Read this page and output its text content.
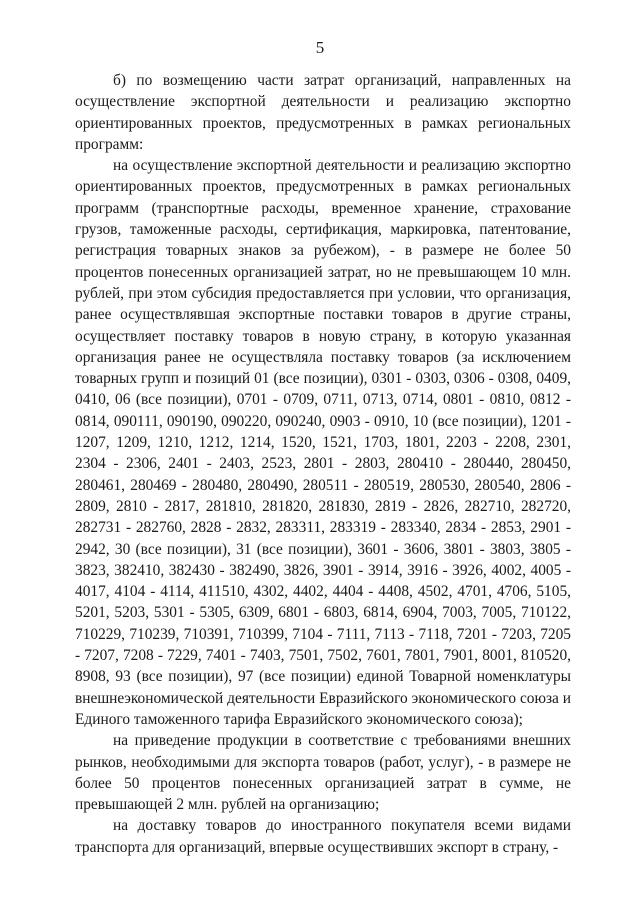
5

б) по возмещению части затрат организаций, направленных на осуществление экспортной деятельности и реализацию экспортно ориентированных проектов, предусмотренных в рамках региональных программ:

на осуществление экспортной деятельности и реализацию экспортно ориентированных проектов, предусмотренных в рамках региональных программ (транспортные расходы, временное хранение, страхование грузов, таможенные расходы, сертификация, маркировка, патентование, регистрация товарных знаков за рубежом), - в размере не более 50 процентов понесенных организацией затрат, но не превышающем 10 млн. рублей, при этом субсидия предоставляется при условии, что организация, ранее осуществлявшая экспортные поставки товаров в другие страны, осуществляет поставку товаров в новую страну, в которую указанная организация ранее не осуществляла поставку товаров (за исключением товарных групп и позиций 01 (все позиции), 0301 - 0303, 0306 - 0308, 0409, 0410, 06 (все позиции), 0701 - 0709, 0711, 0713, 0714, 0801 - 0810, 0812 - 0814, 090111, 090190, 090220, 090240, 0903 - 0910, 10 (все позиции), 1201 - 1207, 1209, 1210, 1212, 1214, 1520, 1521, 1703, 1801, 2203 - 2208, 2301, 2304 - 2306, 2401 - 2403, 2523, 2801 - 2803, 280410 - 280440, 280450, 280461, 280469 - 280480, 280490, 280511 - 280519, 280530, 280540, 2806 - 2809, 2810 - 2817, 281810, 281820, 281830, 2819 - 2826, 282710, 282720, 282731 - 282760, 2828 - 2832, 283311, 283319 - 283340, 2834 - 2853, 2901 - 2942, 30 (все позиции), 31 (все позиции), 3601 - 3606, 3801 - 3803, 3805 - 3823, 382410, 382430 - 382490, 3826, 3901 - 3914, 3916 - 3926, 4002, 4005 - 4017, 4104 - 4114, 411510, 4302, 4402, 4404 - 4408, 4502, 4701, 4706, 5105, 5201, 5203, 5301 - 5305, 6309, 6801 - 6803, 6814, 6904, 7003, 7005, 710122, 710229, 710239, 710391, 710399, 7104 - 7111, 7113 - 7118, 7201 - 7203, 7205 - 7207, 7208 - 7229, 7401 - 7403, 7501, 7502, 7601, 7801, 7901, 8001, 810520, 8908, 93 (все позиции), 97 (все позиции) единой Товарной номенклатуры внешнеэкономической деятельности Евразийского экономического союза и Единого таможенного тарифа Евразийского экономического союза);

на приведение продукции в соответствие с требованиями внешних рынков, необходимыми для экспорта товаров (работ, услуг), - в размере не более 50 процентов понесенных организацией затрат в сумме, не превышающей 2 млн. рублей на организацию;

на доставку товаров до иностранного покупателя всеми видами транспорта для организаций, впервые осуществивших экспорт в страну, -
